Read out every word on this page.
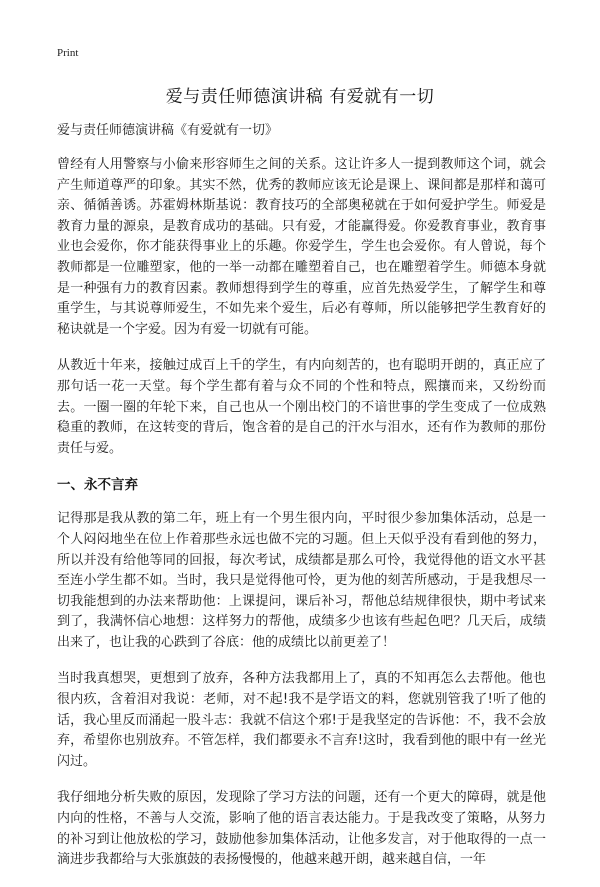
Print
爱与责任师德演讲稿 有爱就有一切

爱与责任师德演讲稿《有爱就有一切》

曾经有人用警察与小偷来形容师生之间的关系。这让许多人一提到教师这个词，就会产生师道尊严的印象。其实不然，优秀的教师应该无论是课上、课间都是那样和蔼可亲、循循善诱。苏霍姆林斯基说：教育技巧的全部奥秘就在于如何爱护学生。师爱是教育力量的源泉，是教育成功的基础。只有爱，才能赢得爱。你爱教育事业，教育事业也会爱你，你才能获得事业上的乐趣。你爱学生，学生也会爱你。有人曾说，每个教师都是一位雕塑家，他的一举一动都在雕塑着自己，也在雕塑着学生。师德本身就是一种强有力的教育因素。教师想得到学生的尊重，应首先热爱学生，了解学生和尊重学生，与其说尊师爱生，不如先来个爱生，后必有尊师，所以能够把学生教育好的秘诀就是一个字爱。因为有爱一切就有可能。

从教近十年来，接触过成百上千的学生，有内向刻苦的，也有聪明开朗的，真正应了那句话一花一天堂。每个学生都有着与众不同的个性和特点，熙攘而来，又纷纷而去。一圈一圈的年轮下来，自己也从一个刚出校门的不谙世事的学生变成了一位成熟稳重的教师，在这转变的背后，饱含着的是自己的汗水与泪水，还有作为教师的那份责任与爱。

一、永不言弃

记得那是我从教的第二年，班上有一个男生很内向，平时很少参加集体活动，总是一个人闷闷地坐在位上作着那些永远也做不完的习题。但上天似乎没有看到他的努力，所以并没有给他等同的回报，每次考试，成绩都是那么可怜，我觉得他的语文水平甚至连小学生都不如。当时，我只是觉得他可怜，更为他的刻苦所感动，于是我想尽一切我能想到的办法来帮助他：上课提问，课后补习，帮他总结规律很快，期中考试来到了，我满怀信心地想：这样努力的帮他，成绩多少也该有些起色吧？几天后，成绩出来了，也让我的心跌到了谷底：他的成绩比以前更差了！

当时我真想哭，更想到了放弃，各种方法我都用上了，真的不知再怎么去帮他。他也很内疚，含着泪对我说：老师，对不起!我不是学语文的料，您就别管我了!听了他的话，我心里反而涌起一股斗志：我就不信这个邪!于是我坚定的告诉他：不，我不会放弃，希望你也别放弃。不管怎样，我们都要永不言弃!这时，我看到他的眼中有一丝光闪过。

我仔细地分析失败的原因，发现除了学习方法的问题，还有一个更大的障碍，就是他内向的性格，不善与人交流，影响了他的语言表达能力。于是我改变了策略，从努力的补习到让他放松的学习，鼓励他参加集体活动，让他多发言，对于他取得的一点一滴进步我都给与大张旗鼓的表扬慢慢的，他越来越开朗，越来越自信，一年
